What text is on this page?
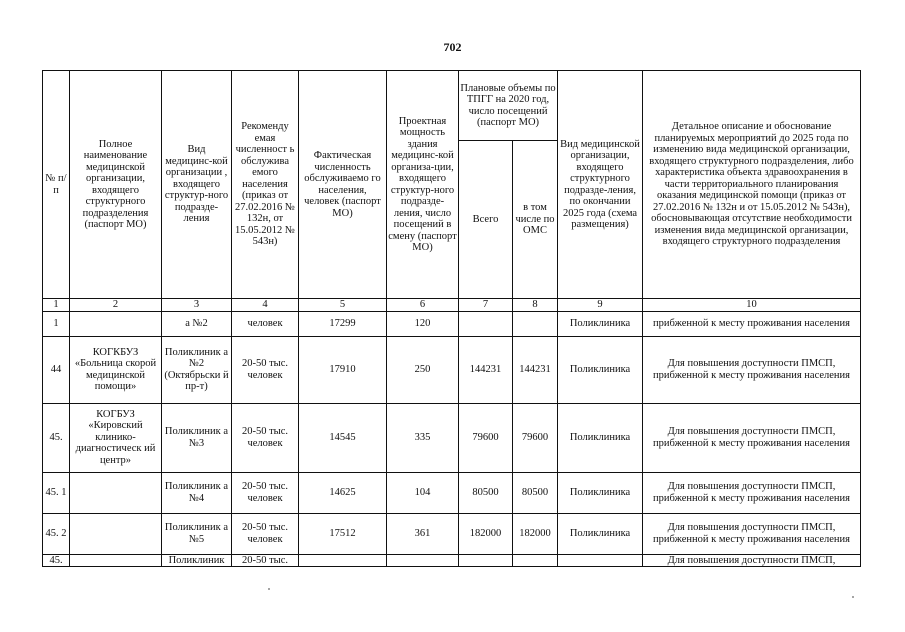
702
№ п/п	Полное наименование медицинской организации, входящего структурного подразделения (паспорт МО)	Вид медицинс-кой организации , входящего структур-ного подразде-ления	Рекоменду емая численност ь обслужива емого населения (приказ от 27.02.2016 № 132н, от 15.05.2012 № 543н)	Фактическая численность обслуживаемо го населения, человек (паспорт МО)	Проектная мощность здания медицинс-кой организа-ции, входящего структур-ного подразде-ления, число посещений в смену (паспорт МО)	Плановые объемы по ТПГГ на 2020 год, число посещений (паспорт МО)		Вид медицинской организации, входящего структурного подразде-ления, по окончании 2025 года (схема размещения)	Детальное описание и обоснование планируемых мероприятий до 2025 года по изменению вида медицинской организации, входящего структурного подразделения, либо характеристика объекта здравоохранения в части территориального планирования оказания медицинской помощи (приказ от 27.02.2016 № 132н и от 15.05.2012 № 543н), обосновывающая отсутствие необходимости изменения вида медицинской организации, входящего структурного подразделения
						Всего	в том числе по ОМС		
1	2	3	4	5	6	7	8	9	10
1		а №2	человек	17299	120			Поликлиника	прибженной к месту проживания населения
44	КОГКБУЗ «Больница скорой медицинской помощи»	Поликлиник а №2 (Октябрьски й пр-т)	20-50 тыс. человек	17910	250	144231	144231	Поликлиника	Для повышения доступности ПМСП, прибженной к месту проживания населения
45.	КОГБУЗ «Кировский клинико-диагностическ ий центр»	Поликлиник а №3	20-50 тыс. человек	14545	335	79600	79600	Поликлиника	Для повышения доступности ПМСП, прибженной к месту проживания населения
45. 1		Поликлиник а №4	20-50 тыс. человек	14625	104	80500	80500	Поликлиника	Для повышения доступности ПМСП, прибженной к месту проживания населения
45. 2		Поликлиник а №5	20-50 тыс. человек	17512	361	182000	182000	Поликлиника	Для повышения доступности ПМСП, прибженной к месту проживания населения
45.		Поликлиник	20-50 тыс.						Для повышения доступности ПМСП,
